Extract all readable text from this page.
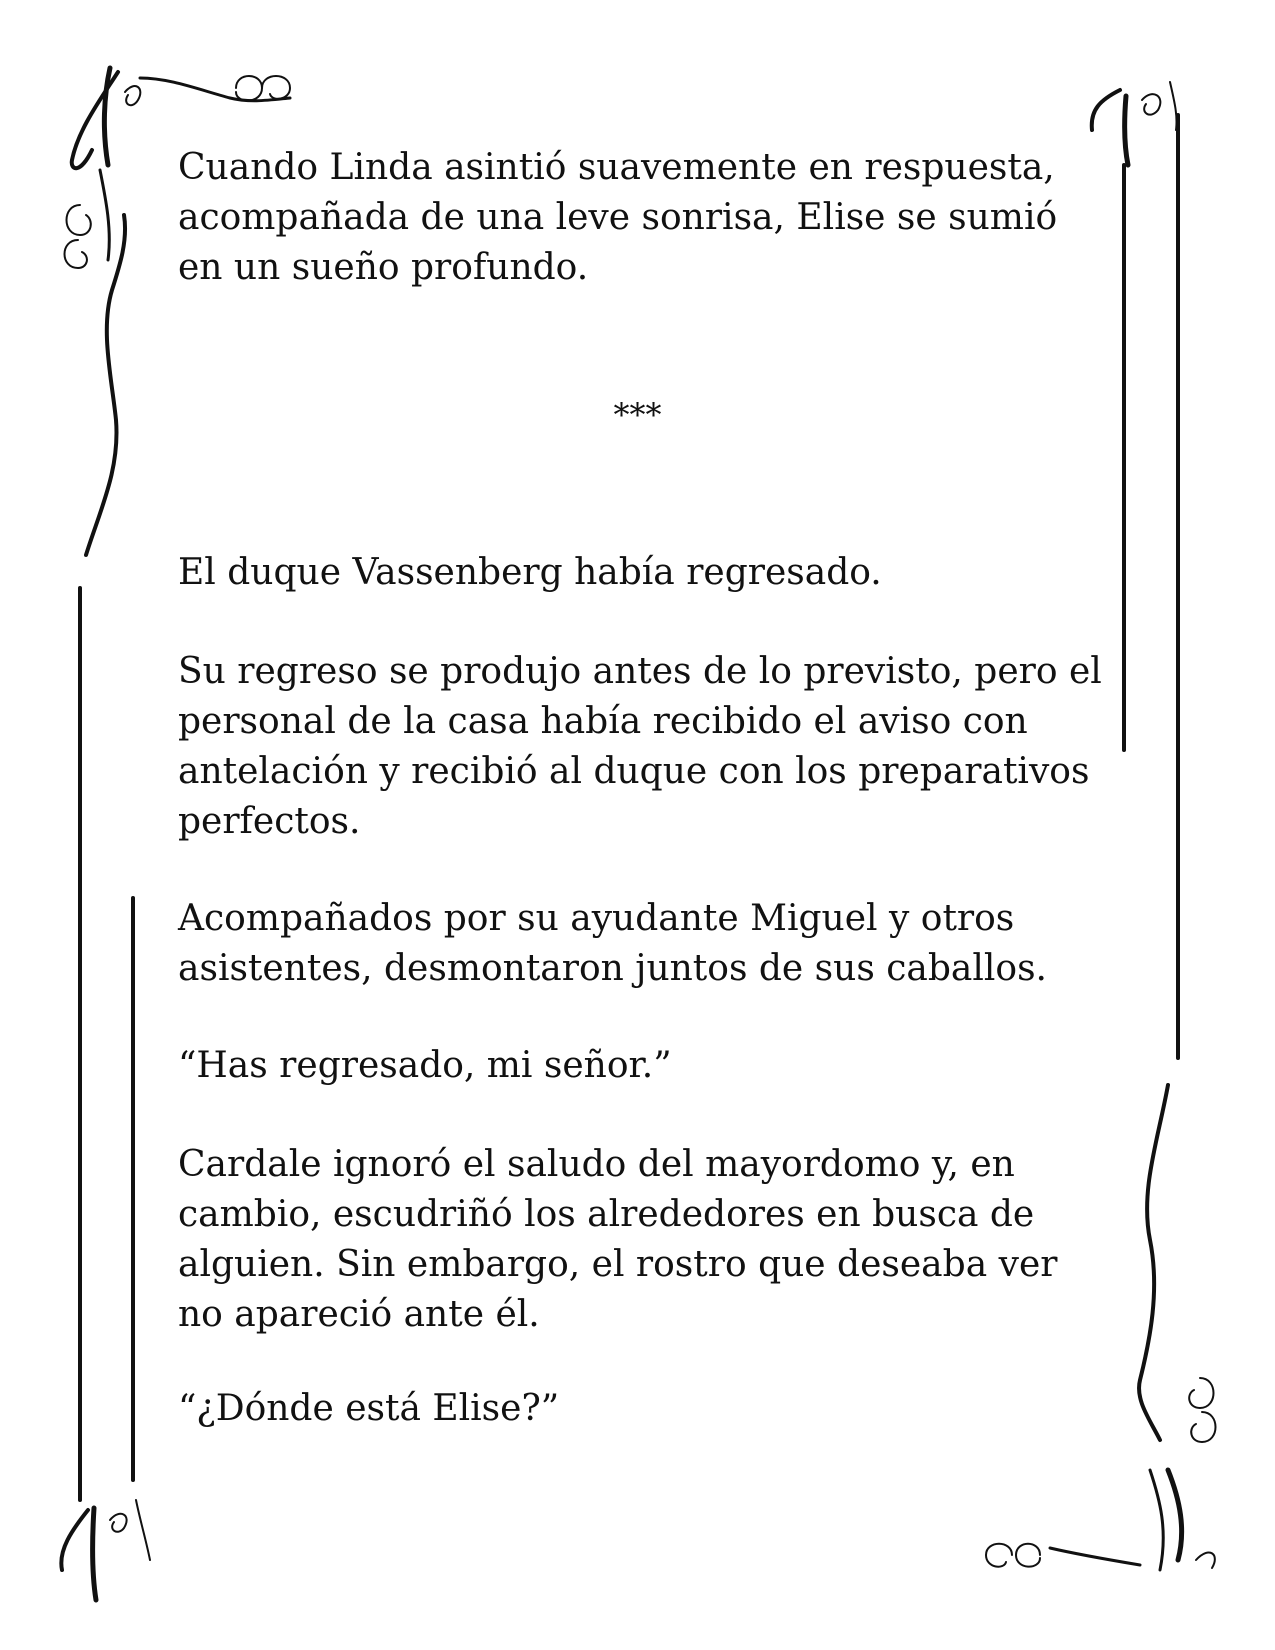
Cuando Linda asintió suavemente en respuesta, acompañada de una leve sonrisa, Elise se sumió en un sueño profundo.

***

El duque Vassenberg había regresado.

Su regreso se produjo antes de lo previsto, pero el personal de la casa había recibido el aviso con antelación y recibió al duque con los preparativos perfectos.

Acompañados por su ayudante Miguel y otros asistentes, desmontaron juntos de sus caballos.

“Has regresado, mi señor.”

Cardale ignoró el saludo del mayordomo y, en cambio, escudriñó los alrededores en busca de alguien. Sin embargo, el rostro que deseaba ver no apareció ante él.

“¿Dónde está Elise?”
